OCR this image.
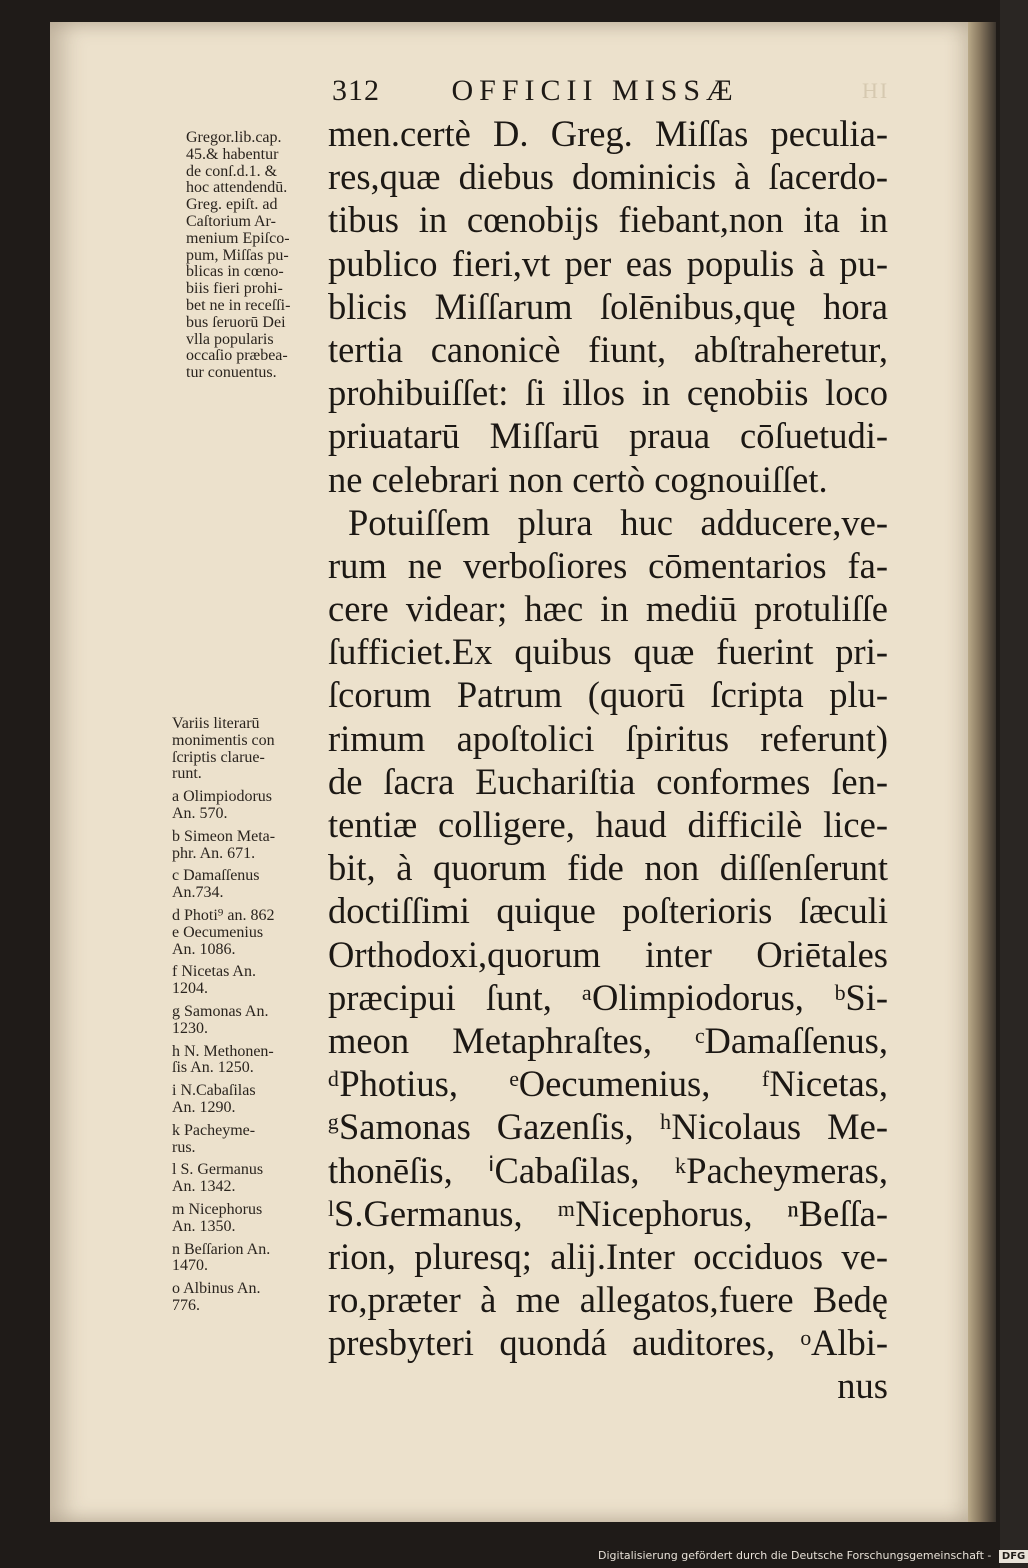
312 OFFICII MISSÆ	HI
Gregor.lib.cap.
45.& habentur
de conſ.d.1. &
hoc attendendū.
Greg. epiſt. ad
Caſtorium Ar-
menium Epiſco-
pum, Miſſas pu-
blicas in cœno-
biis fieri prohi-
bet ne in receſſi-
bus ſeruorū Dei
vlla popularis
occaſio præbea-
tur conuentus.
Variis literarū
monimentis con
ſcriptis clarue-
runt.
a Olimpiodorus
An. 570.
b Simeon Meta-
phr. An. 671.
c Damaſſenus
An.734.
d Photi⁹ an. 862
e Oecumenius
An. 1086.
f Nicetas An.
1204.
g Samonas An.
1230.
h N. Methonen-
ſis An. 1250.
i N.Cabaſilas
An. 1290.
k Pacheyme-
rus.
l S. Germanus
An. 1342.
m Nicephorus
An. 1350.
n Beſſarion An.
1470.
o Albinus An.
776.
men.certè D. Greg. Miſſas peculia-
res,quæ diebus dominicis à ſacerdo-
tibus in cœnobijs fiebant,non ita in
publico fieri,vt per eas populis à pu-
blicis Miſſarum ſolēnibus,quę hora
tertia canonicè fiunt, abſtraheretur,
prohibuiſſet: ſi illos in cęnobiis loco
priuatarū Miſſarū praua cōſuetudi-
ne celebrari non certò cognouiſſet.
Potuiſſem plura huc adducere,ve-
rum ne verboſiores cōmentarios fa-
cere videar; hæc in mediū protuliſſe
ſufficiet.Ex quibus quæ fuerint pri-
ſcorum Patrum (quorū ſcripta plu-
rimum apoſtolici ſpiritus referunt)
de ſacra Euchariſtia conformes ſen-
tentiæ colligere, haud difficilè lice-
bit, à quorum fide non diſſenſerunt
doctiſſimi quique poſterioris ſæculi
Orthodoxi,quorum inter Oriētales
præcipui ſunt, ᵃOlimpiodorus, ᵇSi-
meon Metaphraſtes, ᶜDamaſſenus,
ᵈPhotius, ᵉOecumenius, ᶠNicetas,
ᵍSamonas Gazenſis, ʰNicolaus Me-
thonēſis, ⁱCabaſilas, ᵏPacheymeras,
ˡS.Germanus, ᵐNicephorus, ⁿBeſſa-
rion, pluresq; alij.Inter occiduos ve-
ro,præter à me allegatos,fuere Bedę
presbyteri quondá auditores, ᵒAlbi-
nus
Digitalisierung gefördert durch die Deutsche Forschungsgemeinschaft - DFG
